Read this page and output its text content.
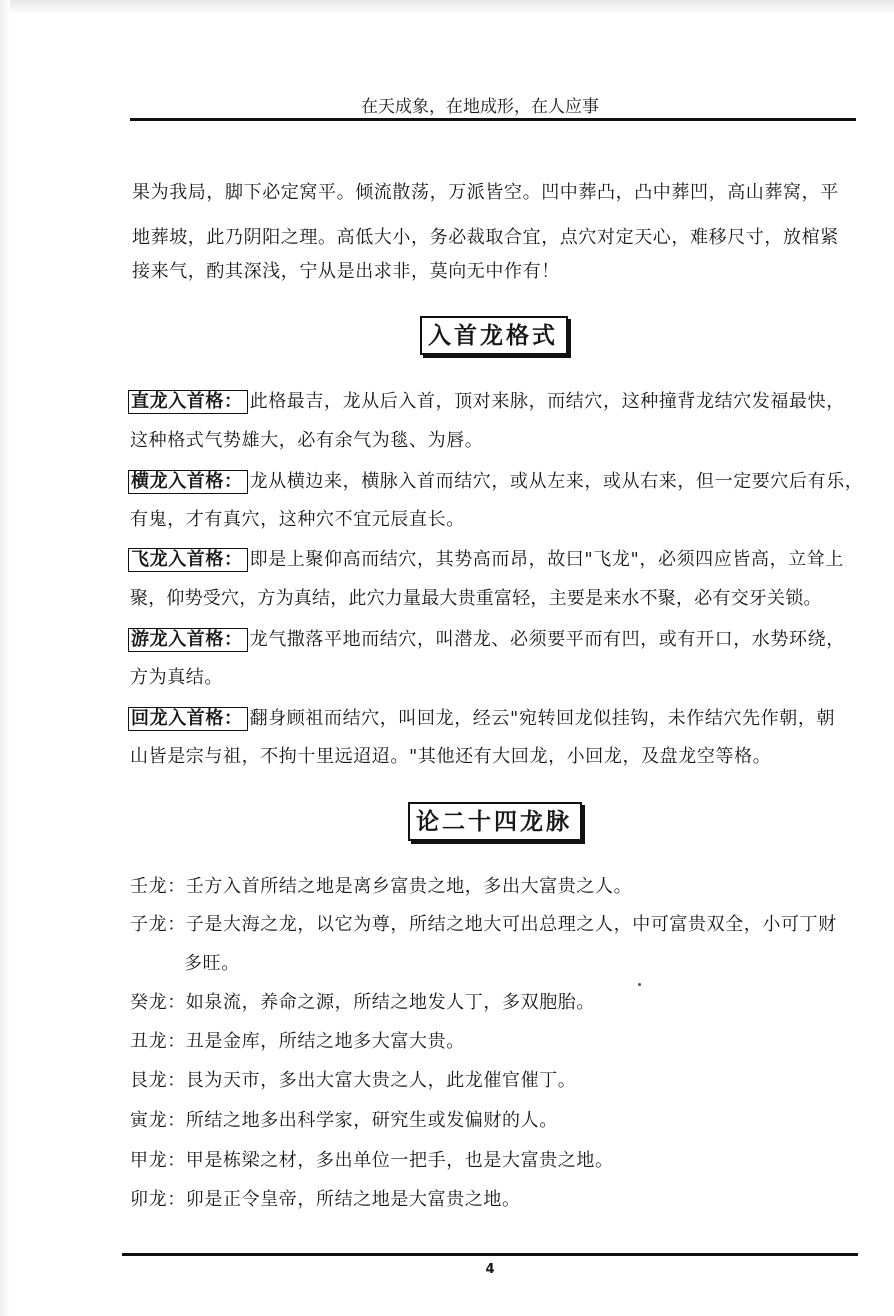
在天成象，在地成形，在人应事
果为我局，脚下必定窝平。倾流散荡，万派皆空。凹中葬凸，凸中葬凹，高山葬窝，平
地葬坡，此乃阴阳之理。高低大小，务必裁取合宜，点穴对定天心，难移尺寸，放棺紧
接来气，酌其深浅，宁从是出求非，莫向无中作有！
入首龙格式
直龙入首格： 此格最吉，龙从后入首，顶对来脉，而结穴，这种撞背龙结穴发福最快，
这种格式气势雄大，必有余气为毯、为唇。
横龙入首格： 龙从横边来，横脉入首而结穴，或从左来，或从右来，但一定要穴后有乐，
有鬼，才有真穴，这种穴不宜元辰直长。
飞龙入首格： 即是上聚仰高而结穴，其势高而昂，故曰"飞龙"，必须四应皆高，立耸上
聚，仰势受穴，方为真结，此穴力量最大贵重富轻，主要是来水不聚，必有交牙关锁。
游龙入首格： 龙气撒落平地而结穴，叫潜龙、必须要平而有凹，或有开口，水势环绕，
方为真结。
回龙入首格： 翻身顾祖而结穴，叫回龙，经云"宛转回龙似挂钩，未作结穴先作朝，朝
山皆是宗与祖，不拘十里远迢迢。"其他还有大回龙，小回龙，及盘龙空等格。
论二十四龙脉
壬龙：壬方入首所结之地是离乡富贵之地，多出大富贵之人。
子龙：子是大海之龙，以它为尊，所结之地大可出总理之人，中可富贵双全，小可丁财
多旺。
癸龙：如泉流，养命之源，所结之地发人丁，多双胞胎。
丑龙：丑是金库，所结之地多大富大贵。
艮龙：艮为天市，多出大富大贵之人，此龙催官催丁。
寅龙：所结之地多出科学家，研究生或发偏财的人。
甲龙：甲是栋梁之材，多出单位一把手，也是大富贵之地。
卯龙：卯是正令皇帝，所结之地是大富贵之地。
4
